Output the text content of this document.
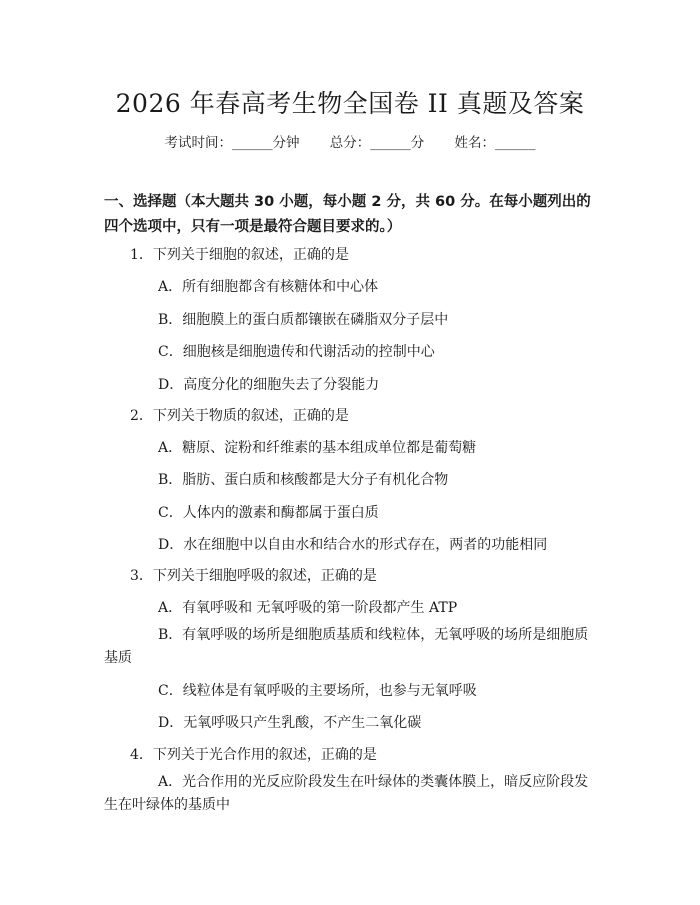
2026 年春高考生物全国卷 II 真题及答案
考试时间：______分钟 总分：______分 姓名：______
一、选择题（本大题共 30 小题，每小题 2 分，共 60 分。在每小题列出的四个选项中，只有一项是最符合题目要求的。）
1．下列关于细胞的叙述，正确的是
A．所有细胞都含有核糖体和中心体
B．细胞膜上的蛋白质都镶嵌在磷脂双分子层中
C．细胞核是细胞遗传和代谢活动的控制中心
D．高度分化的细胞失去了分裂能力
2．下列关于物质的叙述，正确的是
A．糖原、淀粉和纤维素的基本组成单位都是葡萄糖
B．脂肪、蛋白质和核酸都是大分子有机化合物
C．人体内的激素和酶都属于蛋白质
D．水在细胞中以自由水和结合水的形式存在，两者的功能相同
3．下列关于细胞呼吸的叙述，正确的是
A．有氧呼吸和 无氧呼吸的第一阶段都产生 ATP
B．有氧呼吸的场所是细胞质基质和线粒体，无氧呼吸的场所是细胞质基质
C．线粒体是有氧呼吸的主要场所，也参与无氧呼吸
D．无氧呼吸只产生乳酸，不产生二氧化碳
4．下列关于光合作用的叙述，正确的是
A．光合作用的光反应阶段发生在叶绿体的类囊体膜上，暗反应阶段发生在叶绿体的基质中
